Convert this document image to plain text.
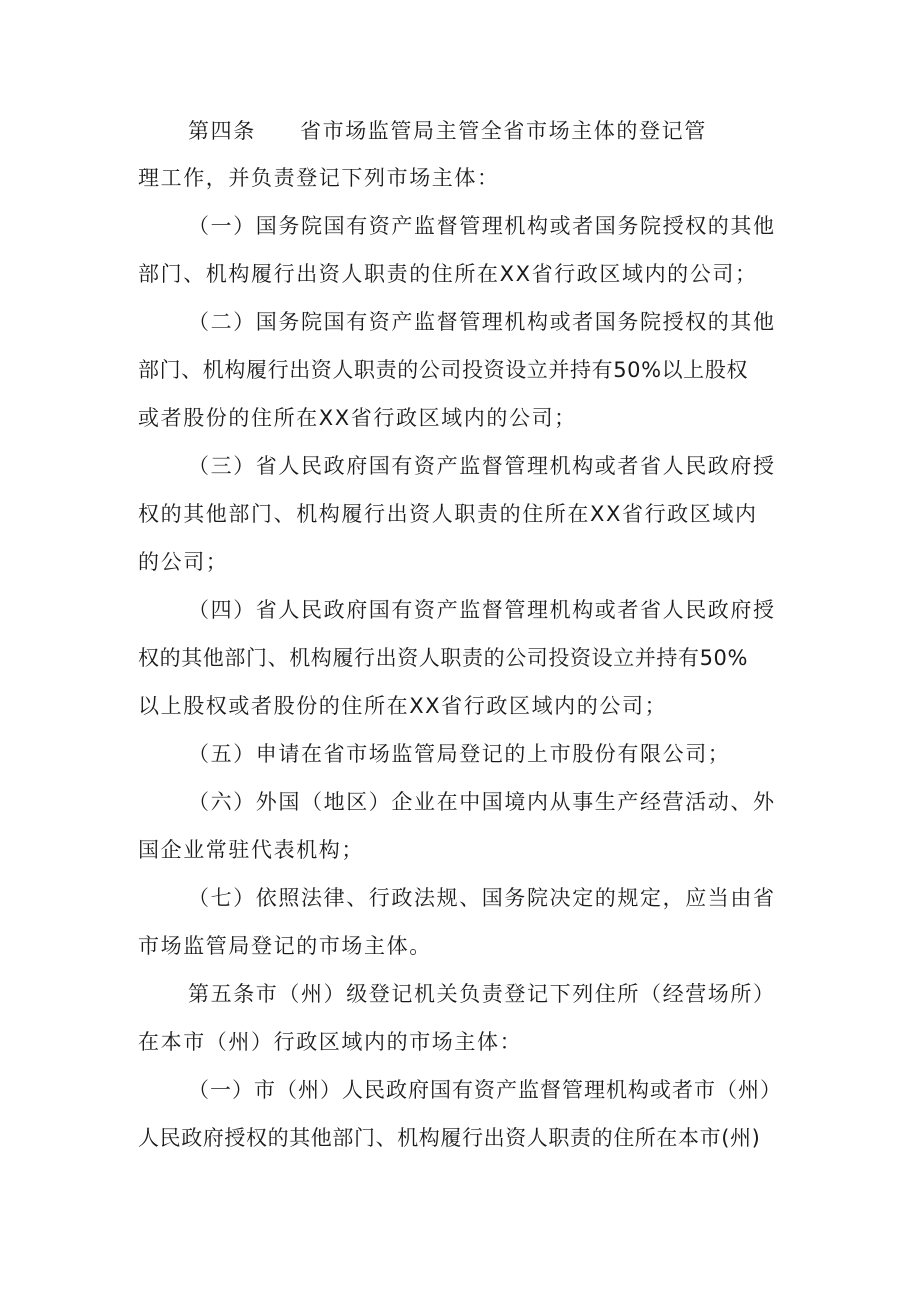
第四条 省市场监管局主管全省市场主体的登记管
理工作，并负责登记下列市场主体：
（一）国务院国有资产监督管理机构或者国务院授权的其他
部门、机构履行出资人职责的住所在XX省行政区域内的公司；
（二）国务院国有资产监督管理机构或者国务院授权的其他
部门、机构履行出资人职责的公司投资设立并持有50%以上股权
或者股份的住所在XX省行政区域内的公司；
（三）省人民政府国有资产监督管理机构或者省人民政府授
权的其他部门、机构履行出资人职责的住所在XX省行政区域内
的公司；
（四）省人民政府国有资产监督管理机构或者省人民政府授
权的其他部门、机构履行出资人职责的公司投资设立并持有50%
以上股权或者股份的住所在XX省行政区域内的公司；
（五）申请在省市场监管局登记的上市股份有限公司；
（六）外国（地区）企业在中国境内从事生产经营活动、外
国企业常驻代表机构；
（七）依照法律、行政法规、国务院决定的规定，应当由省
市场监管局登记的市场主体。
第五条市（州）级登记机关负责登记下列住所（经营场所）
在本市（州）行政区域内的市场主体：
（一）市（州）人民政府国有资产监督管理机构或者市（州）
人民政府授权的其他部门、机构履行出资人职责的住所在本市(州)
